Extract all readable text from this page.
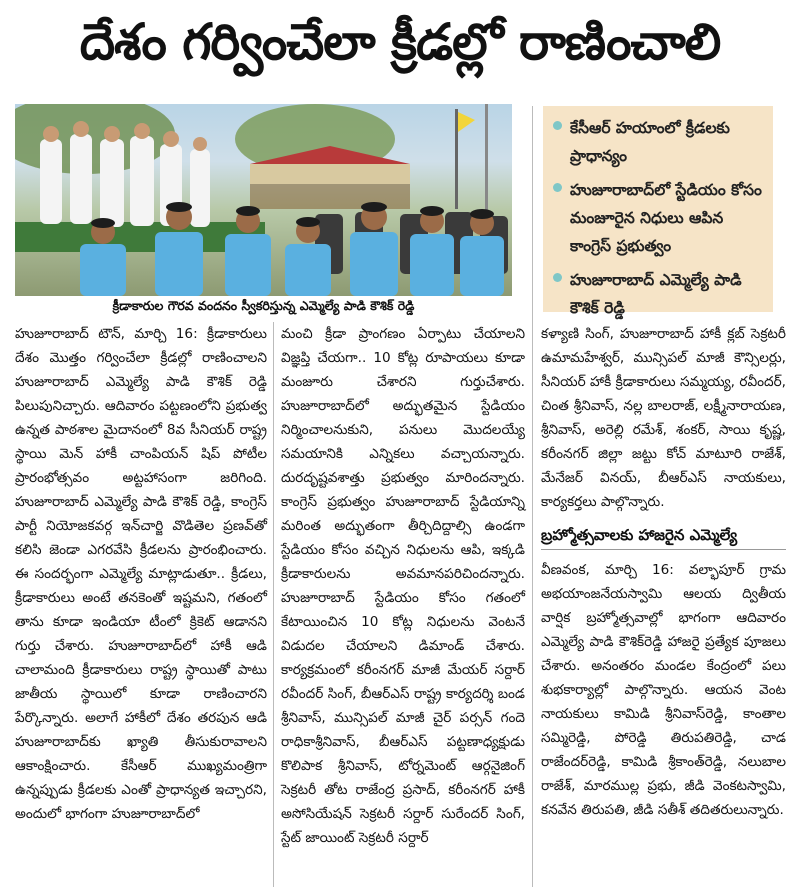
దేశం గర్వించేలా క్రీడల్లో రాణించాలి
క్రీడాకారుల గౌరవ వందనం స్వీకరిస్తున్న ఎమ్మెల్యే పాడి కౌశిక్ రెడ్డి
కేసీఆర్ హయాంలో క్రీడలకు ప్రాధాన్యం
హుజూరాబాద్‌లో స్టేడియం కోసం మంజూరైన నిధులు ఆపిన కాంగ్రెస్ ప్రభుత్వం
హుజూరాబాద్ ఎమ్మెల్యే పాడి కౌశిక్ రెడ్డి

హుజూరాబాద్ టౌన్, మార్చి 16: క్రీడాకారులు దేశం మొత్తం గర్వించేలా క్రీడల్లో రాణించాలని హుజూరాబాద్ ఎమ్మెల్యే పాడి కౌశిక్ రెడ్డి పిలుపునిచ్చారు. ఆదివారం పట్టణంలోని ప్రభుత్వ ఉన్నత పాఠశాల మైదానంలో 8వ సీనియర్ రాష్ట్ర స్థాయి మెన్ హాకీ చాంపియన్ షిప్ పోటీల ప్రారంభోత్సవం అట్టహాసంగా జరిగింది. హుజూరాబాద్ ఎమ్మెల్యే పాడి కౌశిక్ రెడ్డి, కాంగ్రెస్ పార్టీ నియోజకవర్గ ఇన్‌చార్జి వొడితెల ప్రణవ్‌తో కలిసి జెండా ఎగరవేసి క్రీడలను ప్రారంభించారు. ఈ సందర్భంగా ఎమ్మెల్యే మాట్లాడుతూ.. క్రీడలు, క్రీడాకారులు అంటే తనకెంతో ఇష్టమని, గతంలో తాను కూడా ఇండియా టీంలో క్రికెట్ ఆడానని గుర్తు చేశారు. హుజూరాబాద్‌లో హాకీ ఆడి చాలామంది క్రీడాకారులు రాష్ట్ర స్థాయితో పాటు జాతీయ స్థాయిలో కూడా రాణించారని పేర్కొన్నారు. అలాగే హాకీలో దేశం తరపున ఆడి హుజూరాబాద్‌కు ఖ్యాతి తీసుకురావాలని ఆకాంక్షించారు. కేసీఆర్ ముఖ్యమంత్రిగా ఉన్నప్పుడు క్రీడలకు ఎంతో ప్రాధాన్యత ఇచ్చారని, అందులో భాగంగా హుజూరాబాద్‌లో

మంచి క్రీడా ప్రాంగణం ఏర్పాటు చేయాలని విజ్ఞప్తి చేయగా.. 10 కోట్ల రూపాయలు కూడా మంజూరు చేశారని గుర్తుచేశారు. హుజూరాబాద్‌లో అద్భుతమైన స్టేడియం నిర్మించాలనుకుని, పనులు మొదలయ్యే సమయానికి ఎన్నికలు వచ్చాయన్నారు. దురదృష్టవశాత్తు ప్రభుత్వం మారిందన్నారు. కాంగ్రెస్ ప్రభుత్వం హుజూరాబాద్ స్టేడియాన్ని మరింత అద్భుతంగా తీర్చిదిద్దాల్సి ఉండగా స్టేడియం కోసం వచ్చిన నిధులను ఆపి, ఇక్కడి క్రీడాకారులను అవమానపరిచిందన్నారు. హుజూరాబాద్ స్టేడియం కోసం గతంలో కేటాయించిన 10 కోట్ల నిధులను వెంటనే విడుదల చేయాలని డిమాండ్ చేశారు. కార్యక్రమంలో కరీంనగర్ మాజీ మేయర్ సర్దార్ రవీందర్ సింగ్, బీఆర్ఎస్ రాష్ట్ర కార్యదర్శి బండ శ్రీనివాస్, మున్సిపల్ మాజీ చైర్ పర్సన్ గందె రాధికాశ్రీనివాస్, బీఆర్ఎస్ పట్టణాధ్యక్షుడు కొలిపాక శ్రీనివాస్, టోర్నమెంట్ ఆర్గనైజింగ్ సెక్రటరీ తోట రాజేంద్ర ప్రసాద్, కరీంనగర్ హాకీ అసోసియేషన్ సెక్రటరీ సర్దార్ సురేందర్ సింగ్, స్టేట్ జాయింట్ సెక్రటరీ సర్దార్

కళ్యాణి సింగ్, హుజూరాబాద్ హాకీ క్లబ్ సెక్రటరీ ఉమామహేశ్వర్, మున్సిపల్ మాజీ కౌన్సిలర్లు, సీనియర్ హాకీ క్రీడాకారులు సమ్మయ్య, రవీందర్, చింత శ్రీనివాస్, నల్ల బాలరాజ్, లక్ష్మీనారాయణ, శ్రీనివాస్, అరెల్లి రమేశ్, శంకర్, సాయి కృష్ణ, కరీంనగర్ జిల్లా జట్టు కోచ్ మాటూరి రాజేశ్, మేనేజర్ వినయ్, బీఆర్ఎస్ నాయకులు, కార్యకర్తలు పాల్గొన్నారు.

బ్రహ్మోత్సవాలకు హాజరైన ఎమ్మెల్యే

వీణవంక, మార్చి 16: వల్భాపూర్ గ్రామ అభయాంజనేయస్వామి ఆలయ ద్వితీయ వార్షిక బ్రహ్మోత్సవాల్లో భాగంగా ఆదివారం ఎమ్మెల్యే పాడి కౌశిక్‌రెడ్డి హాజరై ప్రత్యేక పూజలు చేశారు. అనంతరం మండల కేంద్రంలో పలు శుభకార్యాల్లో పాల్గొన్నారు. ఆయన వెంట నాయకులు కామిడి శ్రీనివాస్‌రెడ్డి, కాంతాల సమ్మిరెడ్డి, పోరెడ్డి తిరుపతిరెడ్డి, చాడ రాజేందర్‌రెడ్డి, కామిడి శ్రీకాంత్‌రెడ్డి, నలుబాల రాజేశ్, మారముల్ల ప్రభు, జీడి వెంకటస్వామి, కనవేన తిరుపతి, జీడి సతీశ్ తదితరులున్నారు.
